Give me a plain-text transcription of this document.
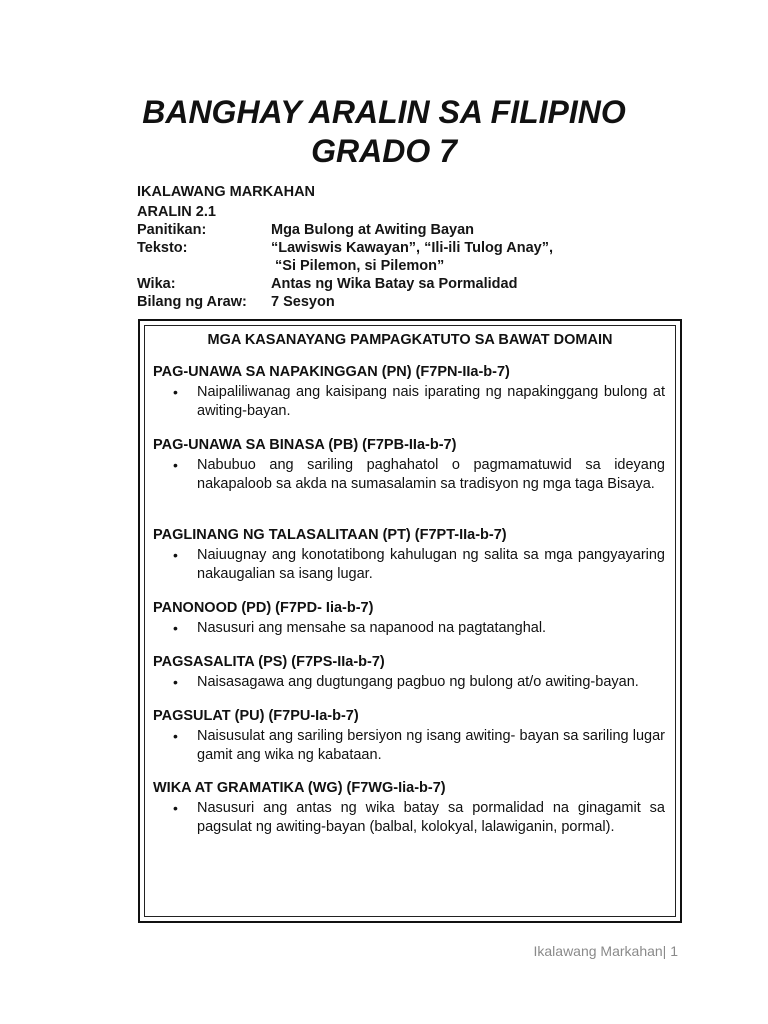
BANGHAY ARALIN SA FILIPINO
GRADO 7
IKALAWANG MARKAHAN
ARALIN 2.1
Panitikan:	Mga Bulong at Awiting Bayan
Teksto:	“Lawiswis Kawayan”, “Ili-ili Tulog Anay”,
“Si Pilemon, si Pilemon”
Wika:	Antas ng Wika Batay sa Pormalidad
Bilang ng Araw: 7 Sesyon
MGA KASANAYANG PAMPAGKATUTO SA BAWAT DOMAIN
PAG-UNAWA SA NAPAKINGGAN (PN) (F7PN-IIa-b-7)
• Naipaliliwanag ang kaisipang nais iparating ng napakinggang bulong at awiting-bayan.
PAG-UNAWA SA BINASA (PB) (F7PB-IIa-b-7)
• Nabubuo ang sariling paghahatol o pagmamatuwid sa ideyang nakapaloob sa akda na sumasalamin sa tradisyon ng mga taga Bisaya.
PAGLINANG NG TALASALITAAN (PT) (F7PT-IIa-b-7)
• Naiuugnay ang konotatibong kahulugan ng salita sa mga pangyayaring nakaugalian sa isang lugar.
PANONOOD (PD) (F7PD- Iia-b-7)
• Nasusuri ang mensahe sa napanood na pagtatanghal.
PAGSASALITA (PS) (F7PS-IIa-b-7)
• Naisasagawa ang dugtungang pagbuo ng bulong at/o awiting-bayan.
PAGSULAT (PU) (F7PU-Ia-b-7)
• Naisusulat ang sariling bersiyon ng isang awiting- bayan sa sariling lugar gamit ang wika ng kabataan.
WIKA AT GRAMATIKA (WG) (F7WG-Iia-b-7)
• Nasusuri ang antas ng wika batay sa pormalidad na ginagamit sa pagsulat ng awiting-bayan (balbal, kolokyal, lalawiganin, pormal).
Ikalawang Markahan| 1
